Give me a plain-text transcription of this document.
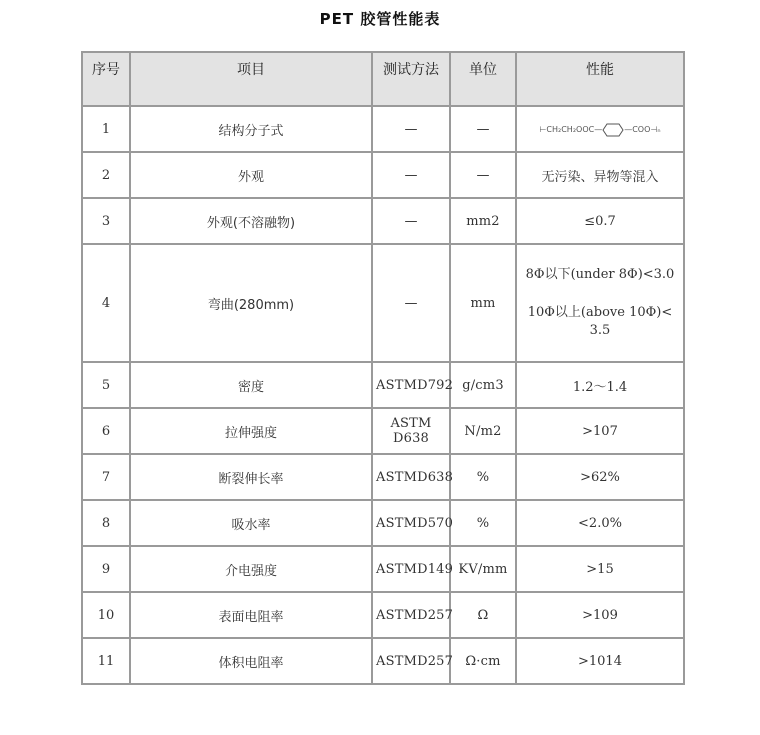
PET 胶管性能表
序号	项目	测试方法	单位	性能
1	结构分子式	—	—	⊢ CH₂CH₂OOC— —COO ⊣ₙ

2	外观	—	—	无污染、异物等混入
3	外观(不溶融物)	—	mm2	≤0.7
4	弯曲(280mm)	—	mm	8Φ以下(under 8Φ)<3.0
10Φ以上(above 10Φ)<
3.5

5	密度	ASTMD792	g/cm3	1.2～1.4
6	拉伸强度	ASTM D638	N/m2	>107
7	断裂伸长率	ASTMD638	%	>62%
8	吸水率	ASTMD570	%	<2.0%
9	介电强度	ASTMD149	KV/mm	>15
10	表面电阻率	ASTMD257	Ω	>109
11	体积电阻率	ASTMD257	Ω·cm	>1014
